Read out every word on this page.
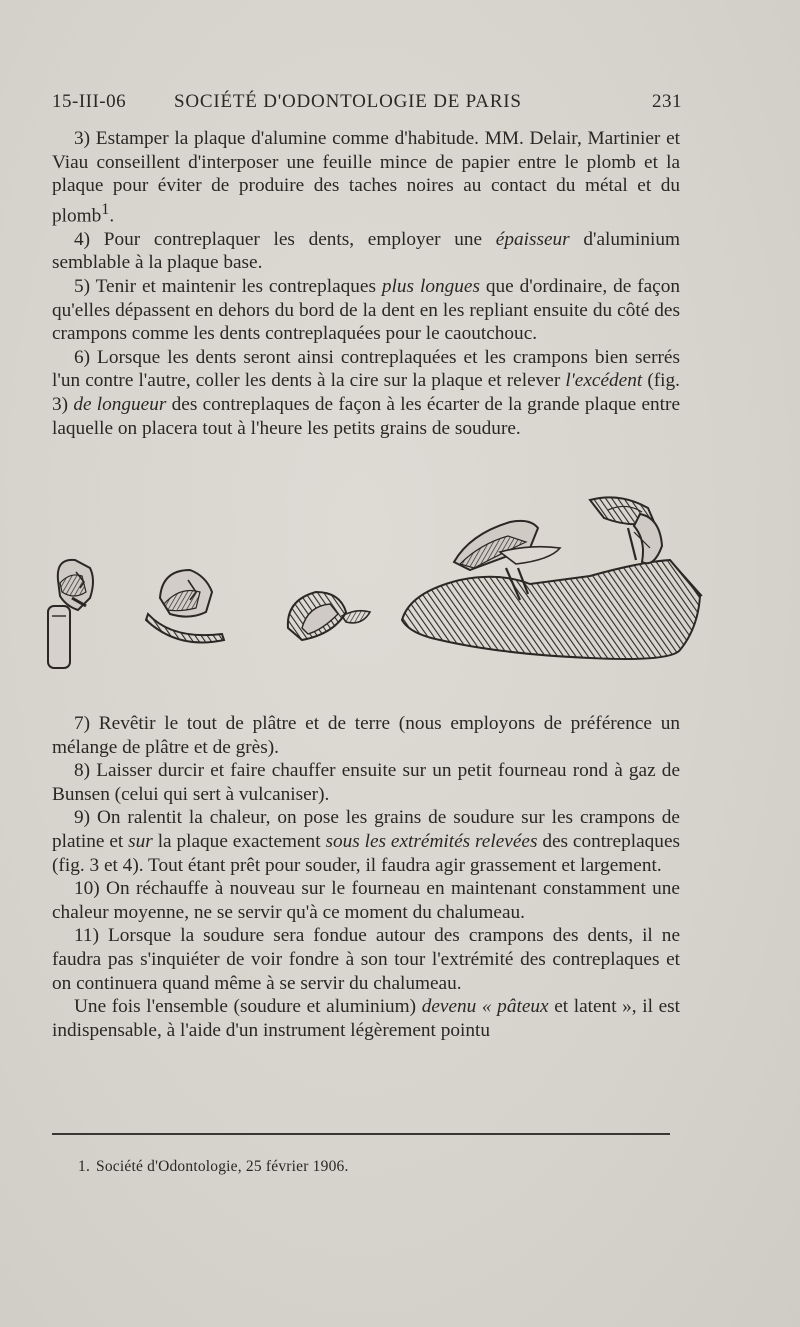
15-III-06	SOCIÉTÉ D'ODONTOLOGIE DE PARIS	231

3) Estamper la plaque d'alumine comme d'habitude. MM. Delair, Martinier et Viau conseillent d'interposer une feuille mince de papier entre le plomb et la plaque pour éviter de produire des taches noires au contact du métal et du plomb$^1$.

4) Pour contreplaquer les dents, employer une épaisseur d'aluminium semblable à la plaque base.

5) Tenir et maintenir les contreplaques plus longues que d'ordinaire, de façon qu'elles dépassent en dehors du bord de la dent en les repliant ensuite du côté des crampons comme les dents contreplaquées pour le caoutchouc.

6) Lorsque les dents seront ainsi contreplaquées et les crampons bien serrés l'un contre l'autre, coller les dents à la cire sur la plaque et relever l'excédent (fig. 3) de longueur des contreplaques de façon à les écarter de la grande plaque entre laquelle on placera tout à l'heure les petits grains de soudure.

7) Revêtir le tout de plâtre et de terre (nous employons de préférence un mélange de plâtre et de grès).

8) Laisser durcir et faire chauffer ensuite sur un petit fourneau rond à gaz de Bunsen (celui qui sert à vulcaniser).

9) On ralentit la chaleur, on pose les grains de soudure sur les crampons de platine et sur la plaque exactement sous les extrémités relevées des contreplaques (fig. 3 et 4). Tout étant prêt pour souder, il faudra agir grassement et largement.

10) On réchauffe à nouveau sur le fourneau en maintenant constamment une chaleur moyenne, ne se servir qu'à ce moment du chalumeau.

11) Lorsque la soudure sera fondue autour des crampons des dents, il ne faudra pas s'inquiéter de voir fondre à son tour l'extrémité des contreplaques et on continuera quand même à se servir du chalumeau.

Une fois l'ensemble (soudure et aluminium) devenu « pâteux et latent », il est indispensable, à l'aide d'un instrument légèrement pointu

1. Société d'Odontologie, 25 février 1906.
